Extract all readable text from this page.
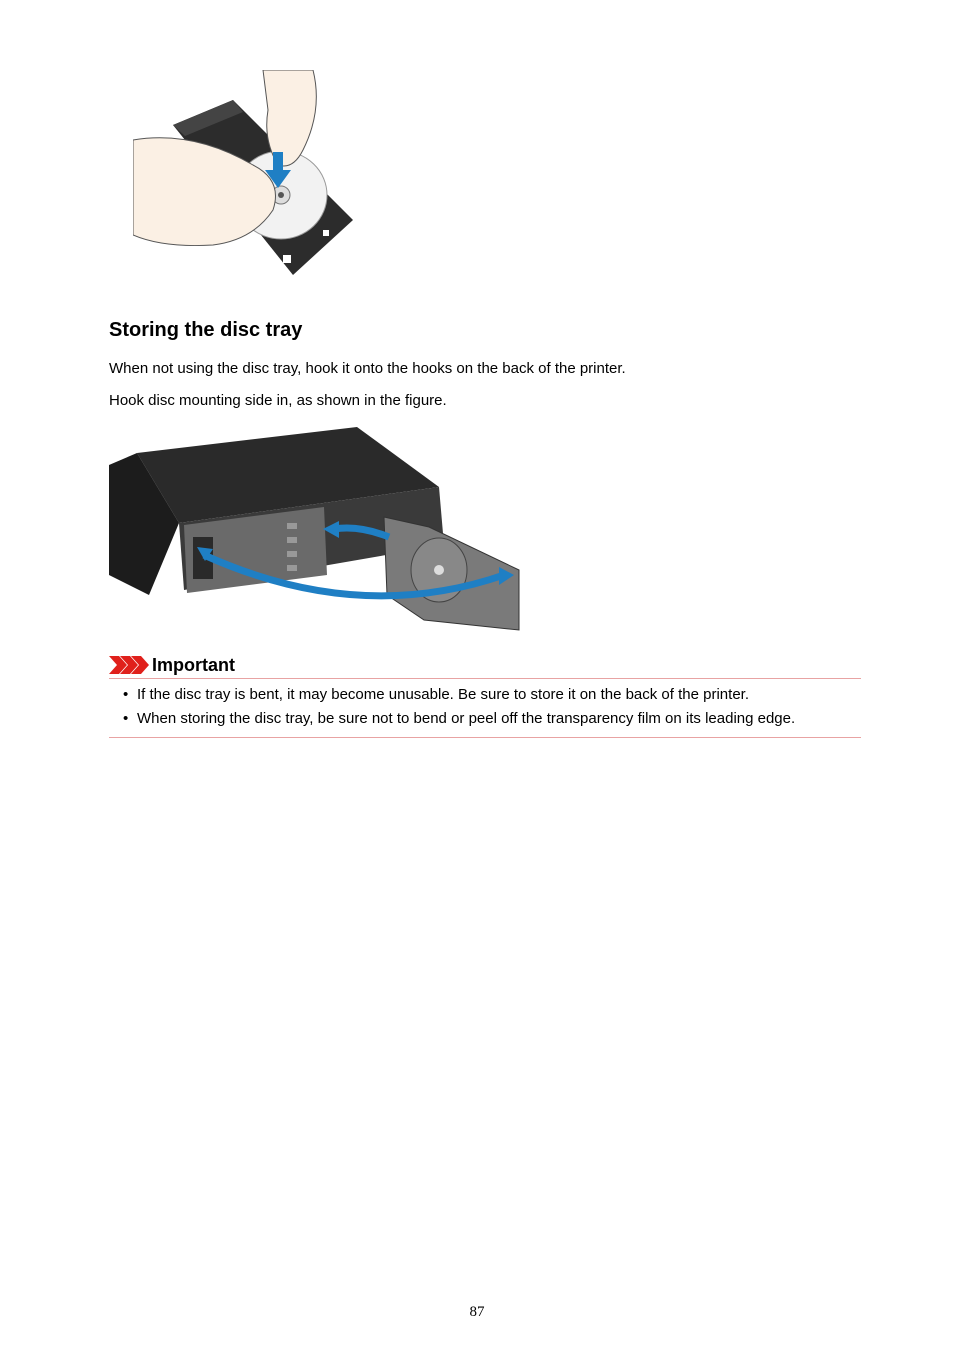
Storing the disc tray
When not using the disc tray, hook it onto the hooks on the back of the printer.
Hook disc mounting side in, as shown in the figure.
Important
• If the disc tray is bent, it may become unusable. Be sure to store it on the back of the printer.
• When storing the disc tray, be sure not to bend or peel off the transparency film on its leading edge.
87
